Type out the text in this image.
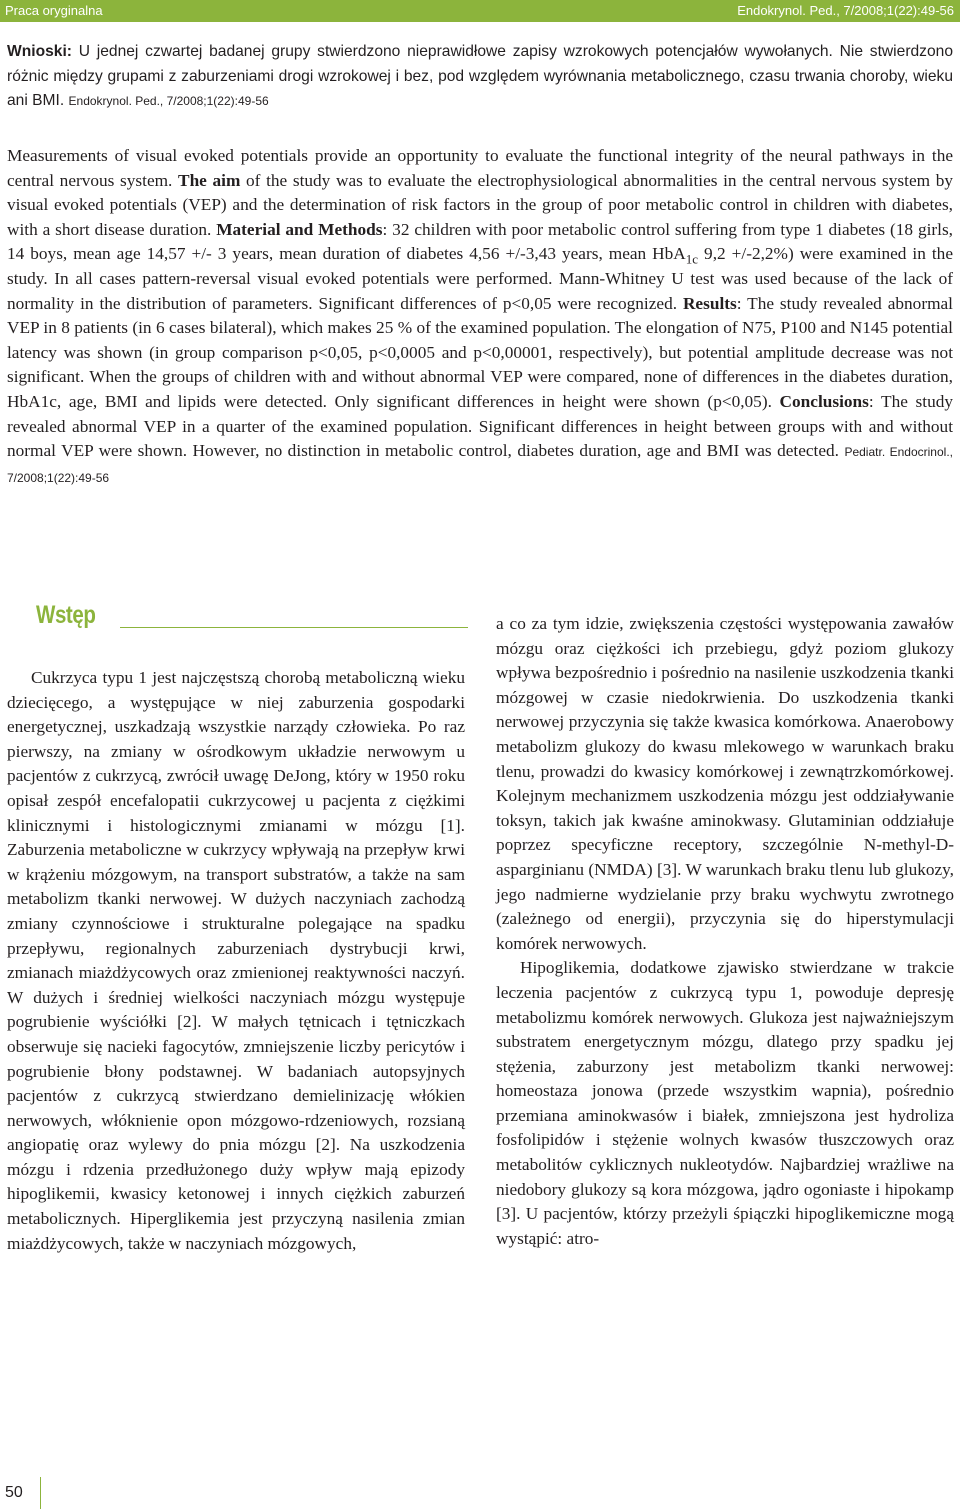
Praca oryginalna	Endokrynol. Ped., 7/2008;1(22):49-56
Wnioski: U jednej czwartej badanej grupy stwierdzono nieprawidłowe zapisy wzrokowych potencjałów wywołanych. Nie stwierdzono różnic między grupami z zaburzeniami drogi wzrokowej i bez, pod względem wyrównania metabolicznego, czasu trwania choroby, wieku ani BMI. Endokrynol. Ped., 7/2008;1(22):49-56
Measurements of visual evoked potentials provide an opportunity to evaluate the functional integrity of the neural pathways in the central nervous system. The aim of the study was to evaluate the electrophysiological abnormalities in the central nervous system by visual evoked potentials (VEP) and the determination of risk factors in the group of poor metabolic control in children with diabetes, with a short disease duration. Material and Methods: 32 children with poor metabolic control suffering from type 1 diabetes (18 girls, 14 boys, mean age 14,57 +/- 3 years, mean duration of diabetes 4,56 +/-3,43 years, mean HbA$_{1c}$ 9,2 +/-2,2%) were examined in the study. In all cases pattern-reversal visual evoked potentials were performed. Mann-Whitney U test was used because of the lack of normality in the distribution of parameters. Significant differences of p<0,05 were recognized. Results: The study revealed abnormal VEP in 8 patients (in 6 cases bilateral), which makes 25 % of the examined population. The elongation of N75, P100 and N145 potential latency was shown (in group comparison p<0,05, p<0,0005 and p<0,00001, respectively), but potential amplitude decrease was not significant. When the groups of children with and without abnormal VEP were compared, none of differences in the diabetes duration, HbA1c, age, BMI and lipids were detected. Only significant differences in height were shown (p<0,05). Conclusions: The study revealed abnormal VEP in a quarter of the examined population. Significant differences in height between groups with and without normal VEP were shown. However, no distinction in metabolic control, diabetes duration, age and BMI was detected. Pediatr. Endocrinol., 7/2008;1(22):49-56
Wstęp

Cukrzyca typu 1 jest najczęstszą chorobą metaboliczną wieku dziecięcego, a występujące w niej zaburzenia gospodarki energetycznej, uszkadzają wszystkie narządy człowieka. Po raz pierwszy, na zmiany w ośrodkowym układzie nerwowym u pacjentów z cukrzycą, zwrócił uwagę DeJong, który w 1950 roku opisał zespół encefalopatii cukrzycowej u pacjenta z ciężkimi klinicznymi i histologicznymi zmianami w mózgu [1]. Zaburzenia metaboliczne w cukrzycy wpływają na przepływ krwi w krążeniu mózgowym, na transport substratów, a także na sam metabolizm tkanki nerwowej. W dużych naczyniach zachodzą zmiany czynnościowe i strukturalne polegające na spadku przepływu, regionalnych zaburzeniach dystrybucji krwi, zmianach miażdżycowych oraz zmienionej reaktywności naczyń. W dużych i średniej wielkości naczyniach mózgu występuje pogrubienie wyściółki [2]. W małych tętnicach i tętniczkach obserwuje się nacieki fagocytów, zmniejszenie liczby pericytów i pogrubienie błony podstawnej. W badaniach autopsyjnych pacjentów z cukrzycą stwierdzano demielinizację włókien nerwowych, włóknienie opon mózgowo-rdzeniowych, rozsianą angiopatię oraz wylewy do pnia mózgu [2]. Na uszkodzenia mózgu i rdzenia przedłużonego duży wpływ mają epizody hipoglikemii, kwasicy ketonowej i innych ciężkich zaburzeń metabolicznych. Hiperglikemia jest przyczyną nasilenia zmian miażdżycowych, także w naczyniach mózgowych,

a co za tym idzie, zwiększenia częstości występowania zawałów mózgu oraz ciężkości ich przebiegu, gdyż poziom glukozy wpływa bezpośrednio i pośrednio na nasilenie uszkodzenia tkanki mózgowej w czasie niedokrwienia. Do uszkodzenia tkanki nerwowej przyczynia się także kwasica komórkowa. Anaerobowy metabolizm glukozy do kwasu mlekowego w warunkach braku tlenu, prowadzi do kwasicy komórkowej i zewnątrzkomórkowej. Kolejnym mechanizmem uszkodzenia mózgu jest oddziaływanie toksyn, takich jak kwaśne aminokwasy. Glutaminian oddziałuje poprzez specyficzne receptory, szczególnie N-methyl-D-asparginianu (NMDA) [3]. W warunkach braku tlenu lub glukozy, jego nadmierne wydzielanie przy braku wychwytu zwrotnego (zależnego od energii), przyczynia się do hiperstymulacji komórek nerwowych.

Hipoglikemia, dodatkowe zjawisko stwierdzane w trakcie leczenia pacjentów z cukrzycą typu 1, powoduje depresję metabolizmu komórek nerwowych. Glukoza jest najważniejszym substratem energetycznym mózgu, dlatego przy spadku jej stężenia, zaburzony jest metabolizm tkanki nerwowej: homeostaza jonowa (przede wszystkim wapnia), pośrednio przemiana aminokwasów i białek, zmniejszona jest hydroliza fosfolipidów i stężenie wolnych kwasów tłuszczowych oraz metabolitów cyklicznych nukleotydów. Najbardziej wrażliwe na niedobory glukozy są kora mózgowa, jądro ogoniaste i hipokamp [3]. U pacjentów, którzy przeżyli śpiączki hipoglikemiczne mogą wystąpić: atro-

50
